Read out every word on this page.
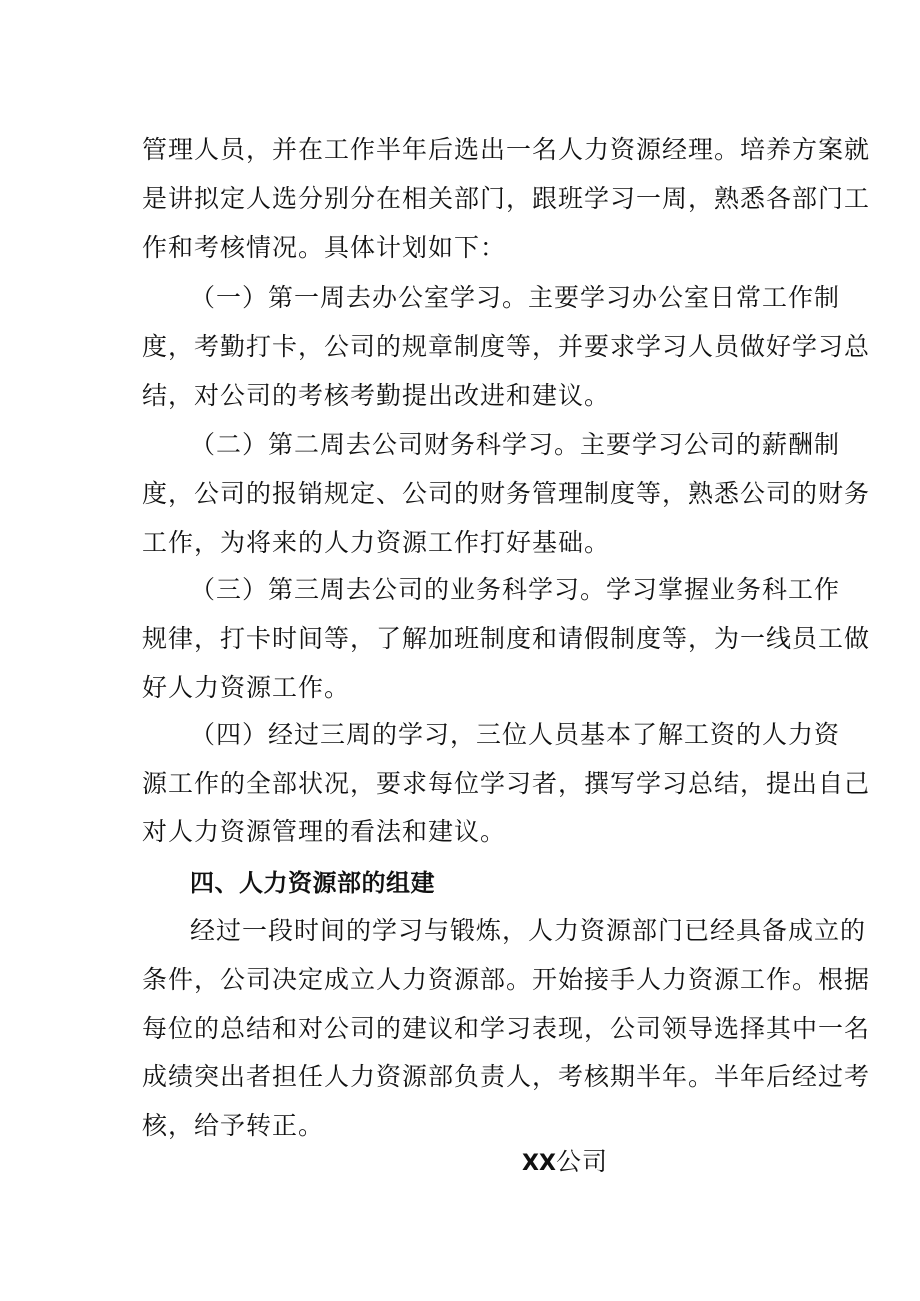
管理人员，并在工作半年后选出一名人力资源经理。培养方案就

是讲拟定人选分别分在相关部门，跟班学习一周，熟悉各部门工

作和考核情况。具体计划如下：

（一）第一周去办公室学习。主要学习办公室日常工作制

度，考勤打卡，公司的规章制度等，并要求学习人员做好学习总

结，对公司的考核考勤提出改进和建议。

（二）第二周去公司财务科学习。主要学习公司的薪酬制

度，公司的报销规定、公司的财务管理制度等，熟悉公司的财务

工作，为将来的人力资源工作打好基础。

（三）第三周去公司的业务科学习。学习掌握业务科工作

规律，打卡时间等，了解加班制度和请假制度等，为一线员工做

好人力资源工作。

（四）经过三周的学习，三位人员基本了解工资的人力资

源工作的全部状况，要求每位学习者，撰写学习总结，提出自己

对人力资源管理的看法和建议。

四、人力资源部的组建

经过一段时间的学习与锻炼，人力资源部门已经具备成立的

条件，公司决定成立人力资源部。开始接手人力资源工作。根据

每位的总结和对公司的建议和学习表现，公司领导选择其中一名

成绩突出者担任人力资源部负责人，考核期半年。半年后经过考

核，给予转正。

XX公司
